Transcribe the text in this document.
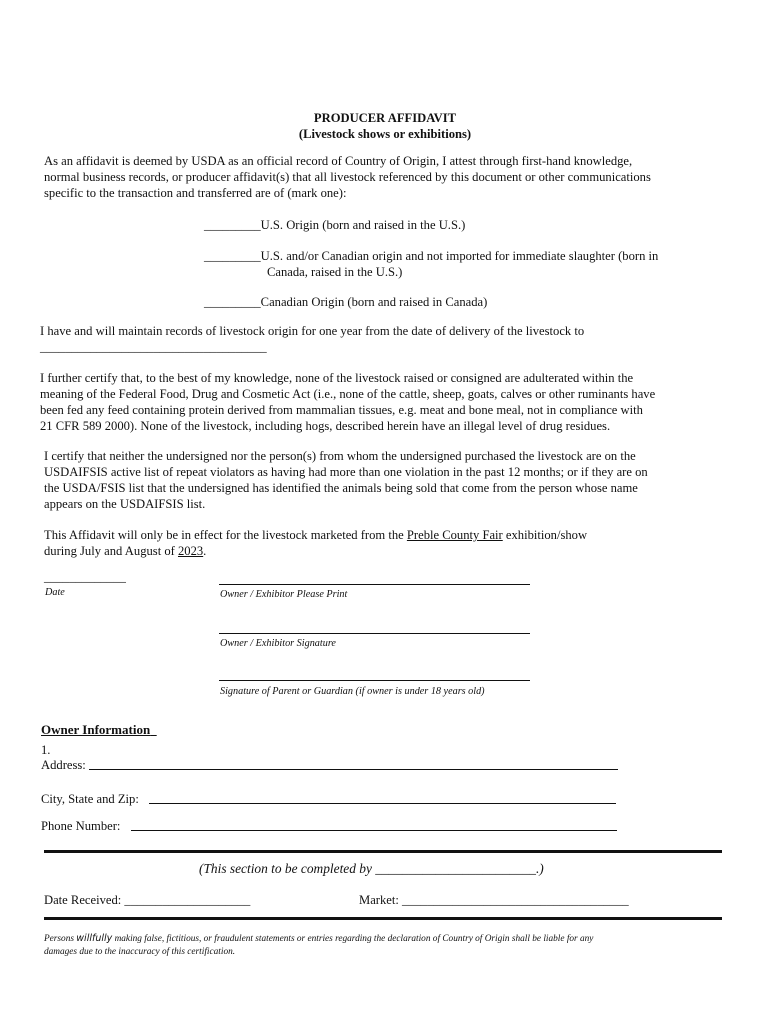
PRODUCER AFFIDAVIT
(Livestock shows or exhibitions)
As an affidavit is deemed by USDA as an official record of Country of Origin, I attest through first-hand knowledge,
normal business records, or producer affidavit(s) that all livestock referenced by this document or other communications
specific to the transaction and transferred are of (mark one):
_________U.S. Origin (born and raised in the U.S.)
_________U.S. and/or Canadian origin and not imported for immediate slaughter (born in
Canada, raised in the U.S.)
_________Canadian Origin (born and raised in Canada)
I have and will maintain records of livestock origin for one year from the date of delivery of the livestock to
____________________________________
I further certify that, to the best of my knowledge, none of the livestock raised or consigned are adulterated within the
meaning of the Federal Food, Drug and Cosmetic Act (i.e., none of the cattle, sheep, goats, calves or other ruminants have
been fed any feed containing protein derived from mammalian tissues, e.g. meat and bone meal, not in compliance with
21 CFR 589 2000). None of the livestock, including hogs, described herein have an illegal level of drug residues.
I certify that neither the undersigned nor the person(s) from whom the undersigned purchased the livestock are on the
USDAIFSIS active list of repeat violators as having had more than one violation in the past 12 months; or if they are on
the USDA/FSIS list that the undersigned has identified the animals being sold that come from the person whose name
appears on the USDAIFSIS list.
This Affidavit will only be in effect for the livestock marketed from the Preble County Fair exhibition/show
during July and August of 2023.
_____________
Date	Owner / Exhibitor Please Print
Owner / Exhibitor Signature
Signature of Parent or Guardian (if owner is under 18 years old)
Owner Information
1.
Address:
City, State and Zip:
Phone Number:
(This section to be completed by ________________________.)
Date Received: ____________________	Market: ____________________________________
Persons willfully making false, fictitious, or fraudulent statements or entries regarding the declaration of Country of Origin shall be liable for any
damages due to the inaccuracy of this certification.
